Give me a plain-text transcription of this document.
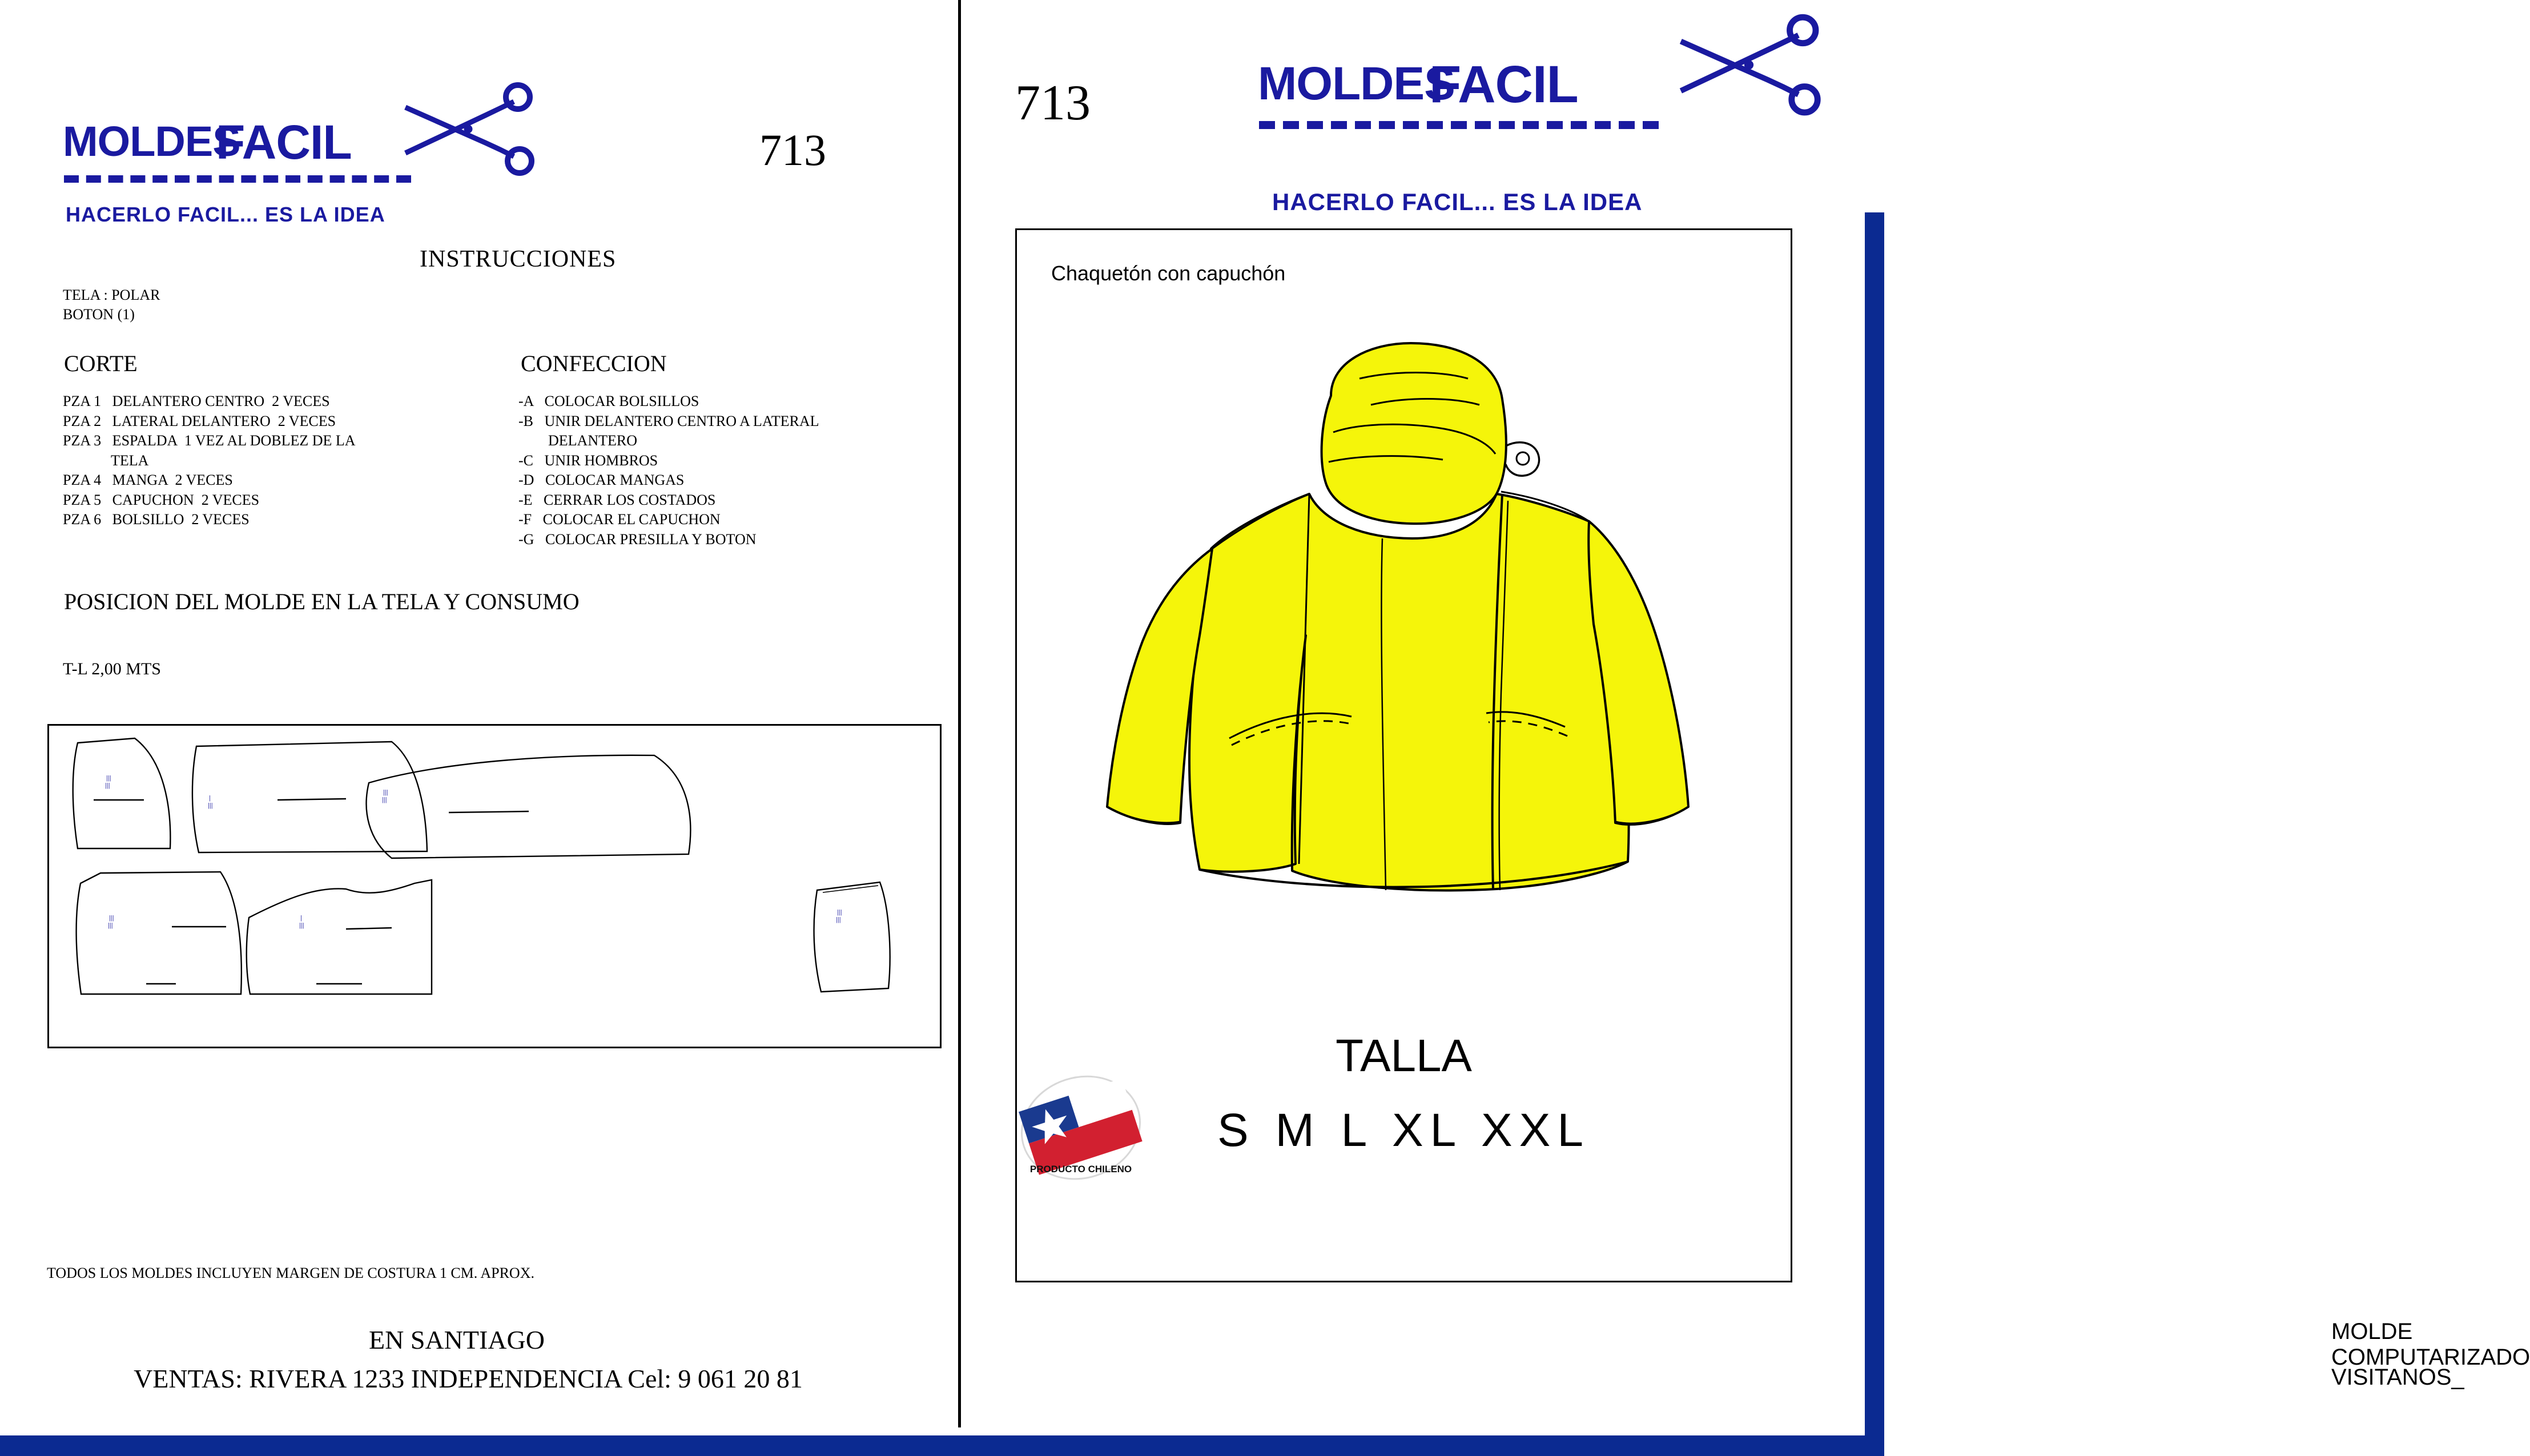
MOLDES
FACIL
HACERLO FACIL... ES LA IDEA
713
INSTRUCCIONES
TELA : POLAR
BOTON (1)
CORTE	CONFECCION
PZA 1   DELANTERO CENTRO  2 VECES
PZA 2   LATERAL DELANTERO  2 VECES
PZA 3   ESPALDA  1 VEZ AL DOBLEZ DE LA
TELA
PZA 4   MANGA  2 VECES
PZA 5   CAPUCHON  2 VECES
PZA 6   BOLSILLO  2 VECES
-A   COLOCAR BOLSILLOS
-B   UNIR DELANTERO CENTRO A LATERAL
DELANTERO
-C   UNIR HOMBROS
-D   COLOCAR MANGAS
-E   CERRAR LOS COSTADOS
-F   COLOCAR EL CAPUCHON
-G   COLOCAR PRESILLA Y BOTON
POSICION DEL MOLDE EN LA TELA Y CONSUMO
T-L 2,00 MTS
|||
|||
|
|||
|||
|||
|||
|||
|
|||
|||
|||
TODOS LOS MOLDES INCLUYEN MARGEN DE COSTURA 1 CM. APROX.
EN SANTIAGO
VENTAS: RIVERA 1233 INDEPENDENCIA Cel: 9 061 20 81
713	MOLDES
FACIL
HACERLO FACIL... ES LA IDEA
Chaquetón con capuchón
TALLA
S M L XL XXL
PRODUCTO CHILENO
MOLDE COMPUTARIZADO
VISITANOS_
